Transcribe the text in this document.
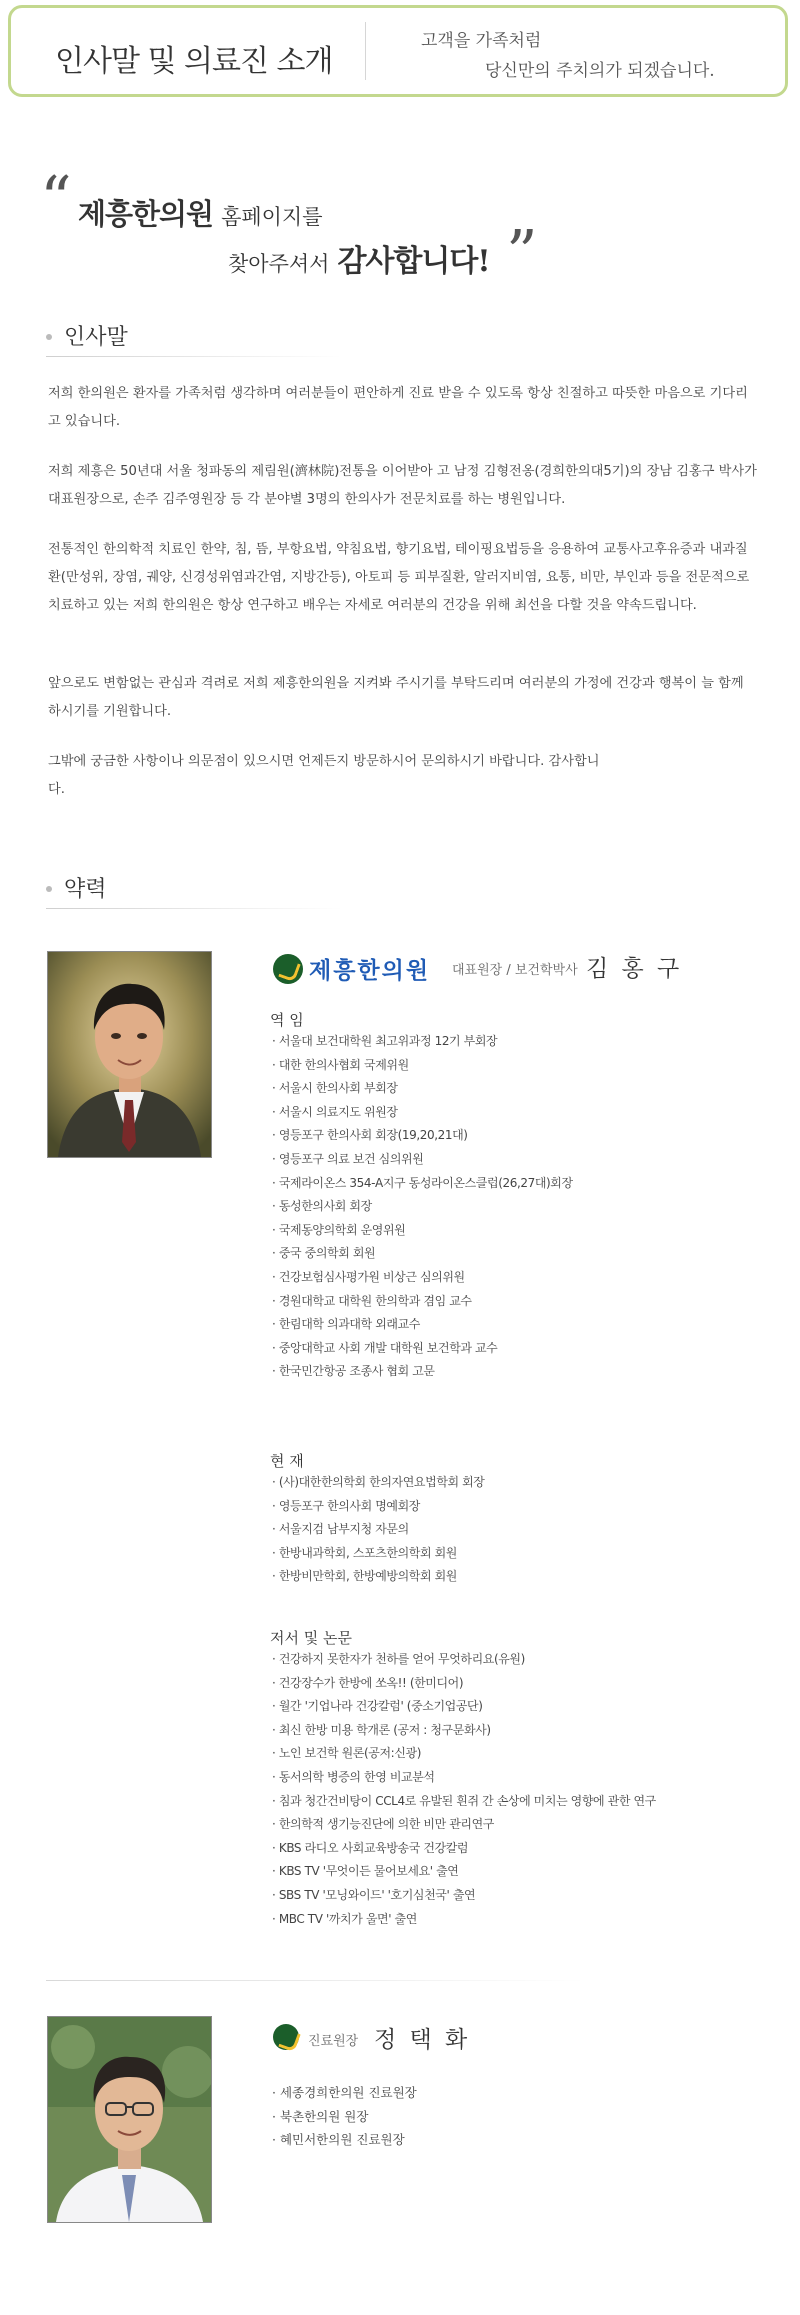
인사말 및 의료진 소개
고객을 가족처럼
당신만의 주치의가 되겠습니다.
“ 제흥한의원 홈페이지를
찾아주셔서 감사합니다! ”
인사말

저희 한의원은 환자를 가족처럼 생각하며 여러분들이 편안하게 진료 받을 수 있도록 항상 친절하고 따뜻한 마음으로 기다리고 있습니다.

저희 제흥은 50년대 서울 청파동의 제림원(濟林院)전통을 이어받아 고 남정 김형전옹(경희한의대5기)의 장남 김홍구 박사가 대표원장으로, 손주 김주영원장 등 각 분야별 3명의 한의사가 전문치료를 하는 병원입니다.

전통적인 한의학적 치료인 한약, 침, 뜸, 부항요법, 약침요법, 향기요법, 테이핑요법등을 응용하여 교통사고후유증과 내과질환(만성위, 장염, 궤양, 신경성위염과간염, 지방간등), 아토피 등 피부질환, 알러지비염, 요통, 비만, 부인과 등을 전문적으로 치료하고 있는 저희 한의원은 항상 연구하고 배우는 자세로 여러분의 건강을 위해 최선을 다할 것을 약속드립니다.

앞으로도 변함없는 관심과 격려로 저희 제흥한의원을 지켜봐 주시기를 부탁드리며 여러분의 가정에 건강과 행복이 늘 함께 하시기를 기원합니다.

그밖에 궁금한 사항이나 의문점이 있으시면 언제든지 방문하시어 문의하시기 바랍니다. 감사합니다.

약력
제흥한의원 대표원장 / 보건학박사 김 홍 구
역 임
· 서울대 보건대학원 최고위과정 12기 부회장
· 대한 한의사협회 국제위원
· 서울시 한의사회 부회장
· 서울시 의료지도 위원장
· 영등포구 한의사회 회장(19,20,21대)
· 영등포구 의료 보건 심의위원
· 국제라이온스 354-A지구 동성라이온스클럽(26,27대)회장
· 동성한의사회 회장
· 국제동양의학회 운영위원
· 중국 중의학회 회원
· 건강보험심사평가원 비상근 심의위원
· 경원대학교 대학원 한의학과 겸임 교수
· 한림대학 의과대학 외래교수
· 중앙대학교 사회 개발 대학원 보건학과 교수
· 한국민간항공 조종사 협회 고문
현 재
· (사)대한한의학회 한의자연요법학회 회장
· 영등포구 한의사회 명예회장
· 서울지검 남부지청 자문의
· 한방내과학회, 스포츠한의학회 회원
· 한방비만학회, 한방예방의학회 회원
저서 및 논문
· 건강하지 못한자가 천하를 얻어 무엇하리요(유원)
· 건강장수가 한방에 쏘옥!! (한미디어)
· 월간 '기업나라 건강칼럼' (중소기업공단)
· 최신 한방 미용 학개론 (공저 : 청구문화사)
· 노인 보건학 원론(공저:신광)
· 동서의학 병증의 한영 비교분석
· 침과 청간건비탕이 CCL4로 유발된 흰쥐 간 손상에 미치는 영향에 관한 연구
· 한의학적 생기능진단에 의한 비만 관리연구
· KBS 라디오 사회교육방송국 건강칼럼
· KBS TV '무엇이든 물어보세요' 출연
· SBS TV '모닝와이드' '호기심천국' 출연
· MBC TV '까치가 울면' 출연
진료원장 정 택 화
· 세종경희한의원 진료원장
· 북촌한의원 원장
· 혜민서한의원 진료원장
